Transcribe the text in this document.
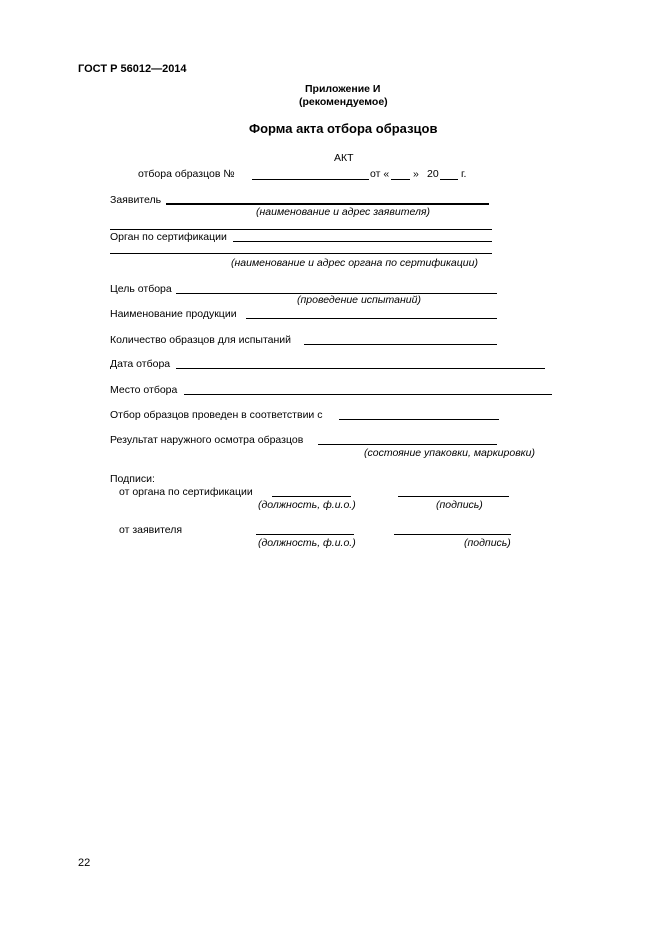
ГОСТ Р 56012—2014
Приложение И
(рекомендуемое)
Форма акта отбора образцов
АКТ
отбора образцов №	от « » 20 г.
Заявитель
(наименование и адрес заявителя)
Орган по сертификации
(наименование и адрес органа по сертификации)
Цель отбора
(проведение испытаний)
Наименование продукции
Количество образцов для испытаний
Дата отбора
Место отбора
Отбор образцов проведен в соответствии с
Результат наружного осмотра образцов
(состояние упаковки, маркировки)
Подписи:
от органа по сертификации
(должность, ф.и.о.)	(подпись)
от заявителя
(должность, ф.и.о.)	(подпись)
22
